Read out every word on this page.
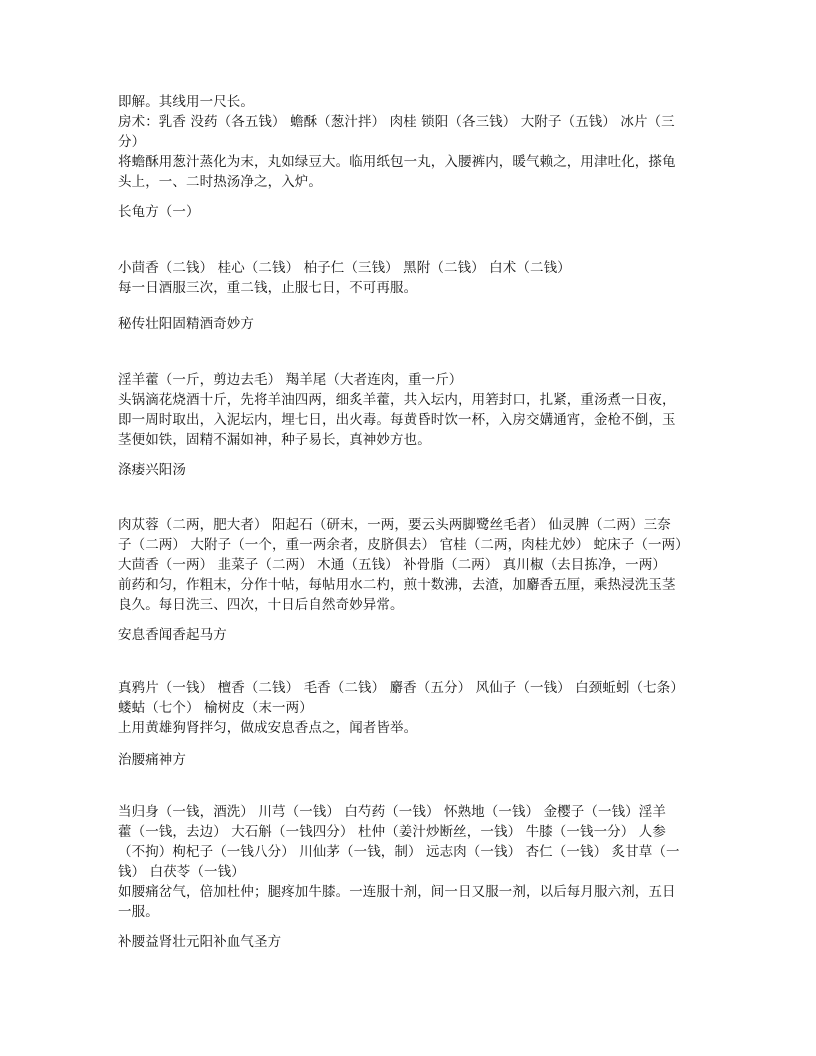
即解。其线用一尺长。
房术：乳香 没药（各五钱） 蟾酥（葱汁拌） 肉桂 锁阳（各三钱） 大附子（五钱） 冰片（三
分）
将蟾酥用葱汁蒸化为末，丸如绿豆大。临用纸包一丸，入腰裤内，暖气赖之，用津吐化，搽龟
头上，一、二时热汤净之，入炉。
长龟方（一）
小茴香（二钱） 桂心（二钱） 柏子仁（三钱） 黑附（二钱） 白术（二钱）
每一日酒服三次，重二钱，止服七日，不可再服。
秘传壮阳固精酒奇妙方
淫羊藿（一斤，剪边去毛） 羯羊尾（大者连肉，重一斤）
头锅滴花烧酒十斤，先将羊油四两，细炙羊藿，共入坛内，用箬封口，扎紧，重汤煮一日夜，
即一周时取出，入泥坛内，埋七日，出火毒。每黄昏时饮一杯，入房交媾通宵，金枪不倒，玉
茎便如铁，固精不漏如神，种子易长，真神妙方也。
涤痿兴阳汤
肉苁蓉（二两，肥大者） 阳起石（研末，一两，要云头两脚鹭丝毛者） 仙灵脾（二两）三奈
子（二两） 大附子（一个，重一两余者，皮脐俱去） 官桂（二两，肉桂尤妙） 蛇床子（一两）
大茴香（一两） 韭菜子（二两） 木通（五钱） 补骨脂（二两） 真川椒（去目拣净，一两）
前药和匀，作粗末，分作十帖，每帖用水二杓，煎十数沸，去渣，加麝香五厘，乘热浸洗玉茎
良久。每日洗三、四次，十日后自然奇妙异常。
安息香闻香起马方
真鸦片（一钱） 檀香（二钱） 毛香（二钱） 麝香（五分） 风仙子（一钱） 白颈蚯蚓（七条）
蝼蛄（七个） 榆树皮（末一两）
上用黄雄狗肾拌匀，做成安息香点之，闻者皆举。
治腰痛神方
当归身（一钱，酒洗） 川芎（一钱） 白芍药（一钱） 怀熟地（一钱） 金樱子（一钱）淫羊
藿（一钱，去边） 大石斛（一钱四分） 杜仲（姜汁炒断丝，一钱） 牛膝（一钱一分） 人参
（不拘）枸杞子（一钱八分） 川仙茅（一钱，制） 远志肉（一钱） 杏仁（一钱） 炙甘草（一
钱） 白茯苓（一钱）
如腰痛岔气，倍加杜仲；腿疼加牛膝。一连服十剂，间一日又服一剂，以后每月服六剂，五日
一服。
补腰益肾壮元阳补血气圣方
